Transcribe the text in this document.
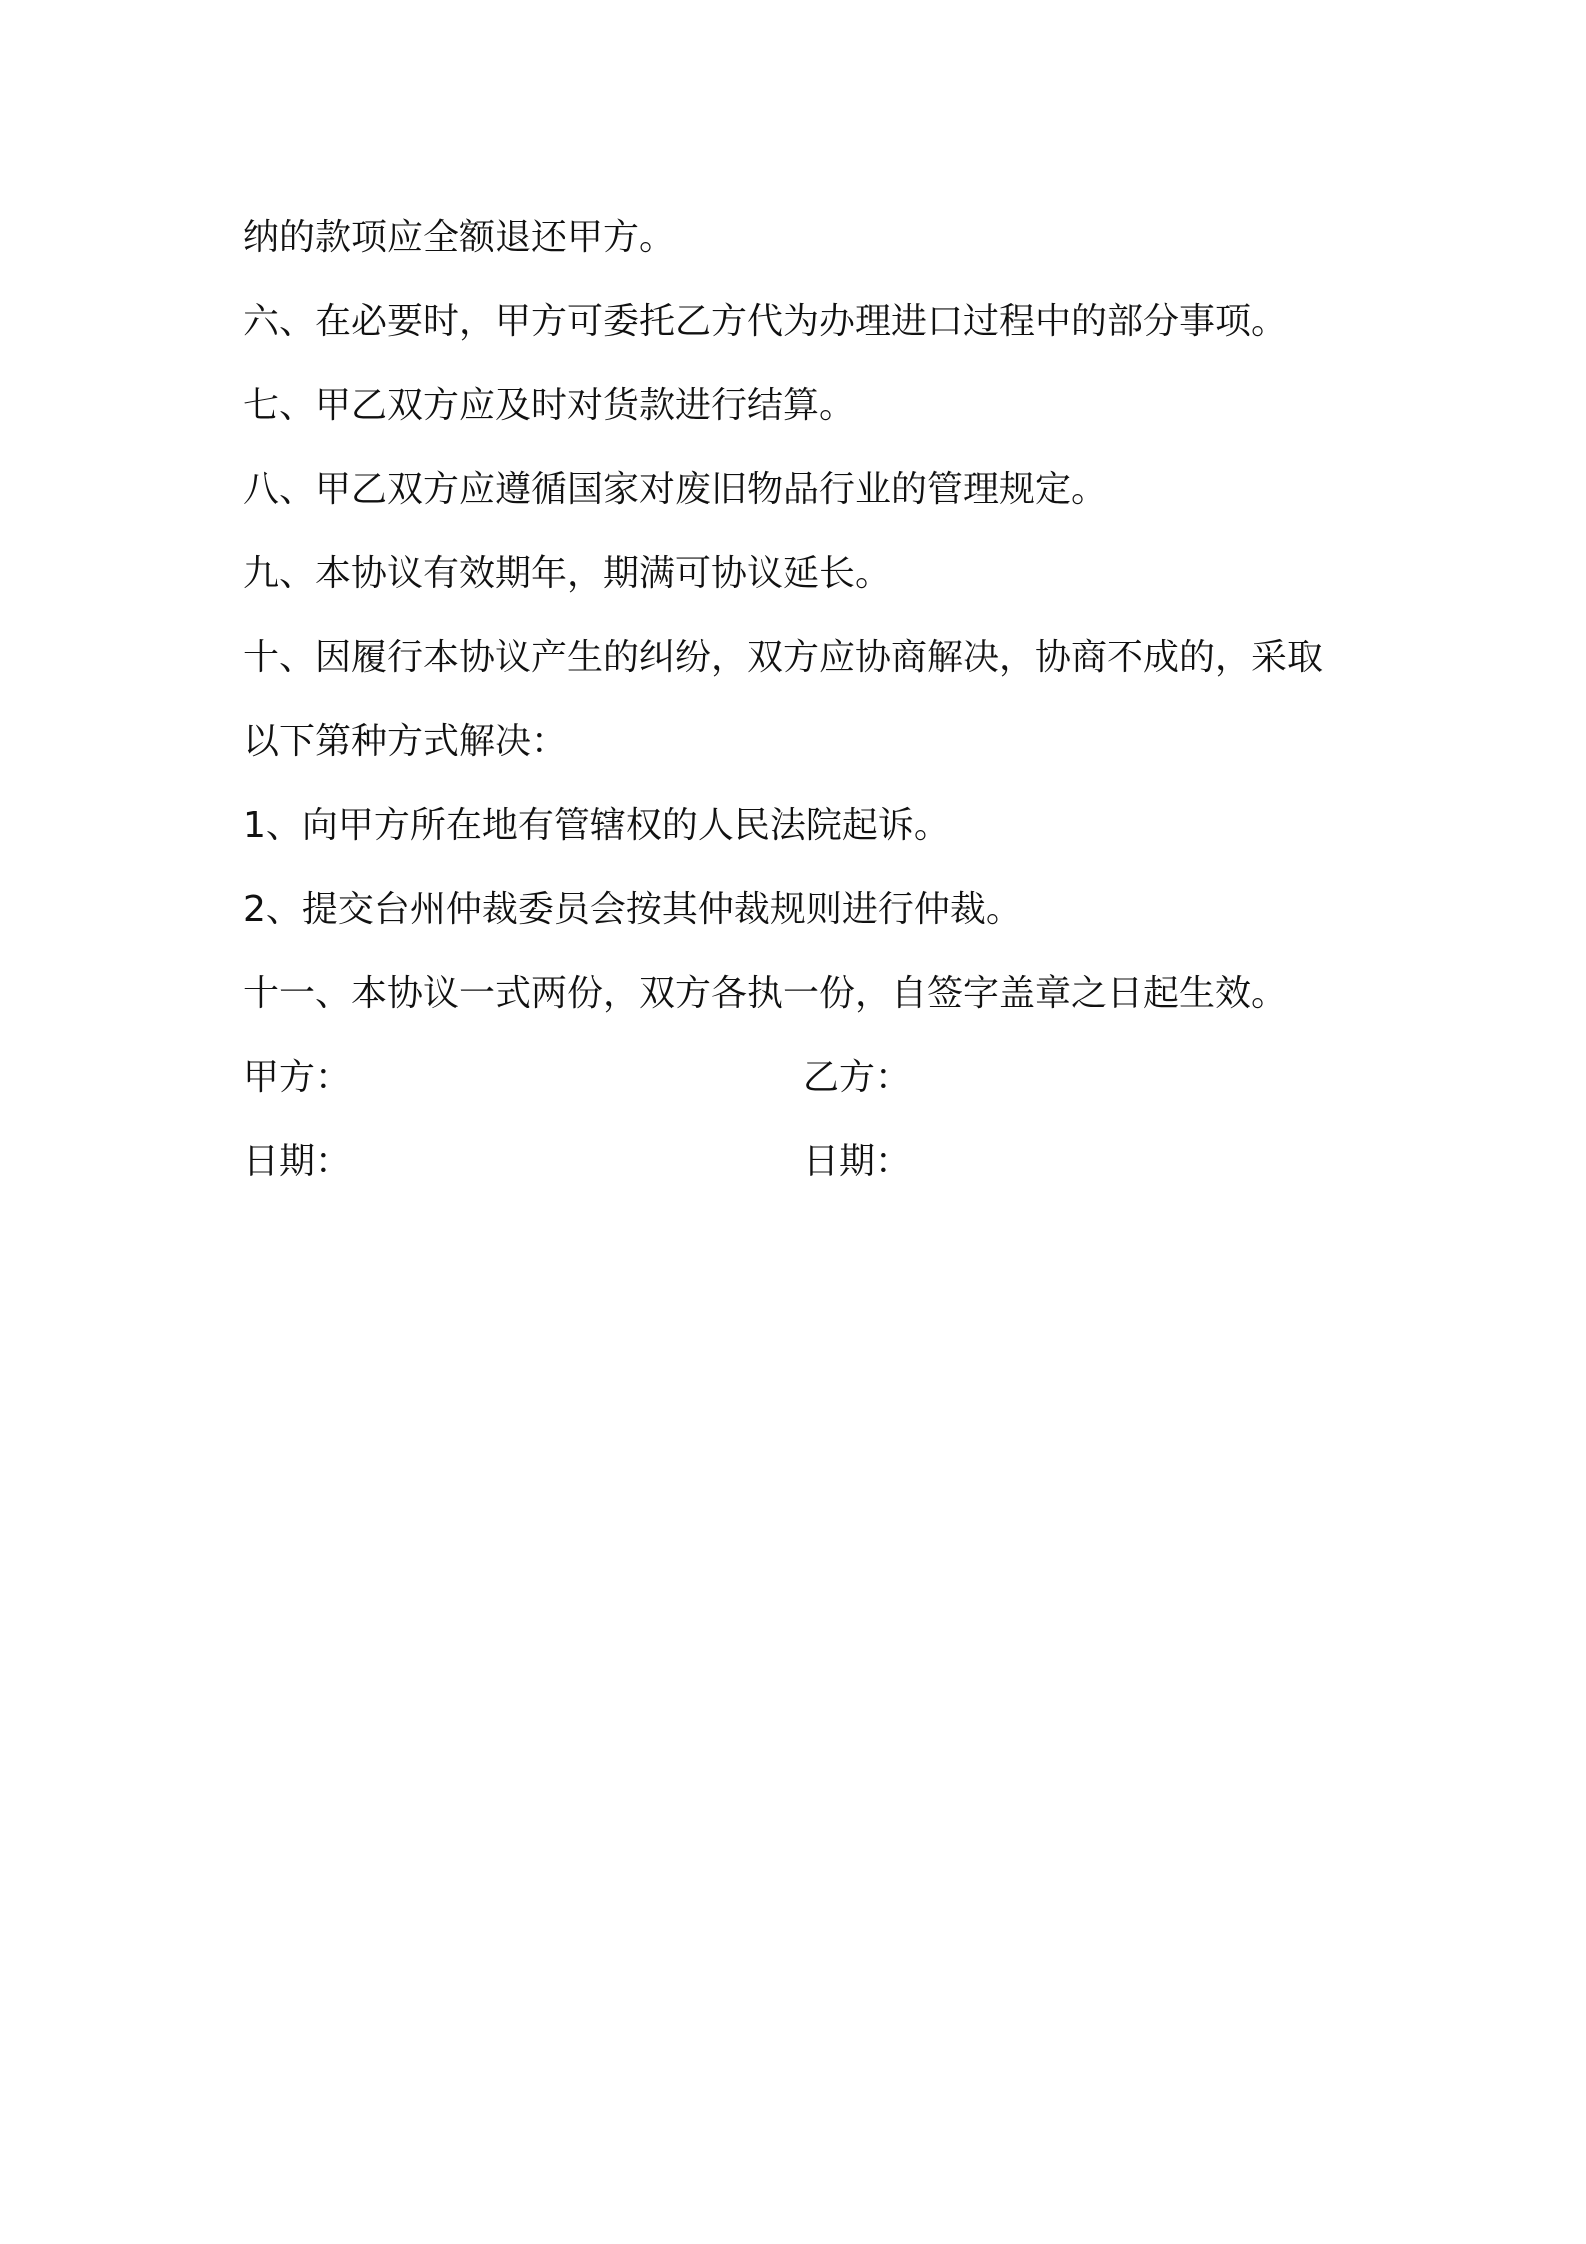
纳的款项应全额退还甲方。

六、在必要时，甲方可委托乙方代为办理进口过程中的部分事项。

七、甲乙双方应及时对货款进行结算。

八、甲乙双方应遵循国家对废旧物品行业的管理规定。

九、本协议有效期年，期满可协议延长。

十、因履行本协议产生的纠纷，双方应协商解决，协商不成的，采取

以下第种方式解决：

1、向甲方所在地有管辖权的人民法院起诉。

2、提交台州仲裁委员会按其仲裁规则进行仲裁。

十一、本协议一式两份，双方各执一份，自签字盖章之日起生效。

甲方：	乙方：
日期：	日期：
